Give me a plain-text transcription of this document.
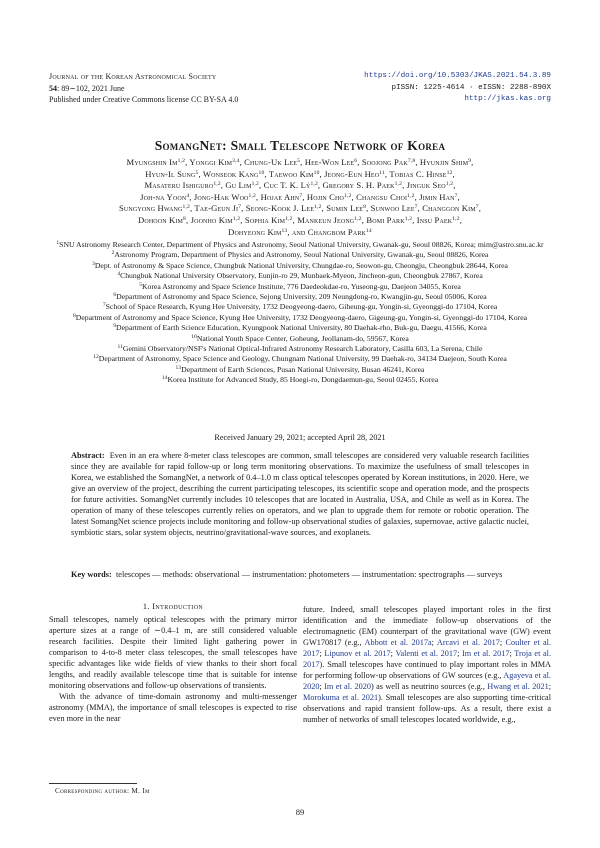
Journal of the Korean Astronomical Society
54: 89∼102, 2021 June
Published under Creative Commons license CC BY-SA 4.0
https://doi.org/10.5303/JKAS.2021.54.3.89
pISSN: 1225-4614 · eISSN: 2288-890X
http://jkas.kas.org
SomangNet: Small Telescope Network of Korea
Myungshin Im$^{1,2}$, Yonggi Kim$^{3,4}$, Chung-Uk Lee$^5$, Hee-Won Lee$^6$, Soojong Pak$^{7,8}$, Hyunjin Shim$^9$,
Hyun-Il Sung$^5$, Wonseok Kang$^{10}$, Taewoo Kim$^{10}$, Jeong-Eun Heo$^{11}$, Tobias C. Hinse$^{12}$,
Masateru Ishiguro$^{1,2}$, Gu Lim$^{1,2}$, Cuc T. K. Lý$^{1,2}$, Gregory S. H. Paek$^{1,2}$, Jinguk Seo$^{1,2}$,
Joh-na Yoon$^4$, Jong-Hak Woo$^{1,2}$, Hojae Ahn$^7$, Hojin Cho$^{1,2}$, Changsu Choi$^{1,2}$, Jimin Han$^7$,
Sungyong Hwang$^{1,2}$, Tae-Geun Ji$^7$, Seong-Kook J. Lee$^{1,2}$, Sumin Lee$^8$, Sunwoo Lee$^7$, Changgon Kim$^7$,
Dohoon Kim$^8$, Joonho Kim$^{1,2}$, Sophia Kim$^{1,2}$, Mankeun Jeong$^{1,2}$, Bomi Park$^{1,2}$, Insu Paek$^{1,2}$,
Dohyeong Kim$^{13}$, and Changbom Park$^{14}$
$^1$SNU Astronomy Research Center, Department of Physics and Astronomy, Seoul National University, Gwanak-gu, Seoul 08826, Korea; mim@astro.snu.ac.kr
$^2$Astronomy Program, Department of Physics and Astronomy, Seoul National University, Gwanak-gu, Seoul 08826, Korea
$^3$Dept. of Astronomy & Space Science, Chungbuk National University, Chungdae-ro, Seowon-gu, Cheongju, Cheongbuk 28644, Korea
$^4$Chungbuk National University Observatory, Eunjin-ro 29, Munbaek-Myeon, Jincheon-gun, Cheongbuk 27867, Korea
$^5$Korea Astronomy and Space Science Institute, 776 Daedeokdae-ro, Yuseong-gu, Daejeon 34055, Korea
$^6$Department of Astronomy and Space Science, Sejong University, 209 Neungdong-ro, Kwangjin-gu, Seoul 05006, Korea
$^7$School of Space Research, Kyung Hee University, 1732 Deogyeong-daero, Giheung-gu, Yongin-si, Gyeonggi-do 17104, Korea
$^8$Department of Astronomy and Space Science, Kyung Hee University, 1732 Deogyeong-daero, Gigeung-gu, Yongin-si, Gyeonggi-do 17104, Korea
$^9$Department of Earth Science Education, Kyungpook National University, 80 Daehak-rho, Buk-gu, Daegu, 41566, Korea
$^{10}$National Youth Space Center, Goheung, Jeollanam-do, 59567, Korea
$^{11}$Gemini Observatory/NSF's National Optical-Infrared Astronomy Research Laboratory, Casilla 603, La Serena, Chile
$^{12}$Department of Astronomy, Space Science and Geology, Chungnam National University, 99 Daehak-ro, 34134 Daejeon, South Korea
$^{13}$Department of Earth Sciences, Pusan National University, Busan 46241, Korea
$^{14}$Korea Institute for Advanced Study, 85 Hoegi-ro, Dongdaemun-gu, Seoul 02455, Korea
Received January 29, 2021; accepted April 28, 2021
Abstract: Even in an era where 8-meter class telescopes are common, small telescopes are considered very valuable research facilities since they are available for rapid follow-up or long term monitoring observations. To maximize the usefulness of small telescopes in Korea, we established the SomangNet, a network of 0.4–1.0 m class optical telescopes operated by Korean institutions, in 2020. Here, we give an overview of the project, describing the current participating telescopes, its scientific scope and operation mode, and the prospects for future activities. SomangNet currently includes 10 telescopes that are located in Australia, USA, and Chile as well as in Korea. The operation of many of these telescopes currently relies on operators, and we plan to upgrade them for remote or robotic operation. The latest SomangNet science projects include monitoring and follow-up observational studies of galaxies, supernovae, active galactic nuclei, symbiotic stars, solar system objects, neutrino/gravitational-wave sources, and exoplanets.
Key words: telescopes — methods: observational — instrumentation: photometers — instrumentation: spectrographs — surveys
1. Introduction

Small telescopes, namely optical telescopes with the primary mirror aperture sizes at a range of ∼0.4–1 m, are still considered valuable research facilities. Despite their limited light gathering power in comparison to 4-to-8 meter class telescopes, the small telescopes have specific advantages like wide fields of view thanks to their short focal lengths, and readily available telescope time that is suitable for intense monitoring observations and follow-up observations of transients.

With the advance of time-domain astronomy and multi-messenger astronomy (MMA), the importance of small telescopes is expected to rise even more in the near

future. Indeed, small telescopes played important roles in the first identification and the immediate follow-up observations of the electromagnetic (EM) counterpart of the gravitational wave (GW) event GW170817 (e.g., Abbott et al. 2017a; Arcavi et al. 2017; Coulter et al. 2017; Lipunov et al. 2017; Valenti et al. 2017; Im et al. 2017; Troja et al. 2017). Small telescopes have continued to play important roles in MMA for performing follow-up observations of GW sources (e.g., Agayeva et al. 2020; Im et al. 2020) as well as neutrino sources (e.g., Hwang et al. 2021; Morokuma et al. 2021). Small telescopes are also supporting time-critical observations and rapid transient follow-ups. As a result, there exist a number of networks of small telescopes located worldwide, e.g.,

Corresponding author: M. Im
89
